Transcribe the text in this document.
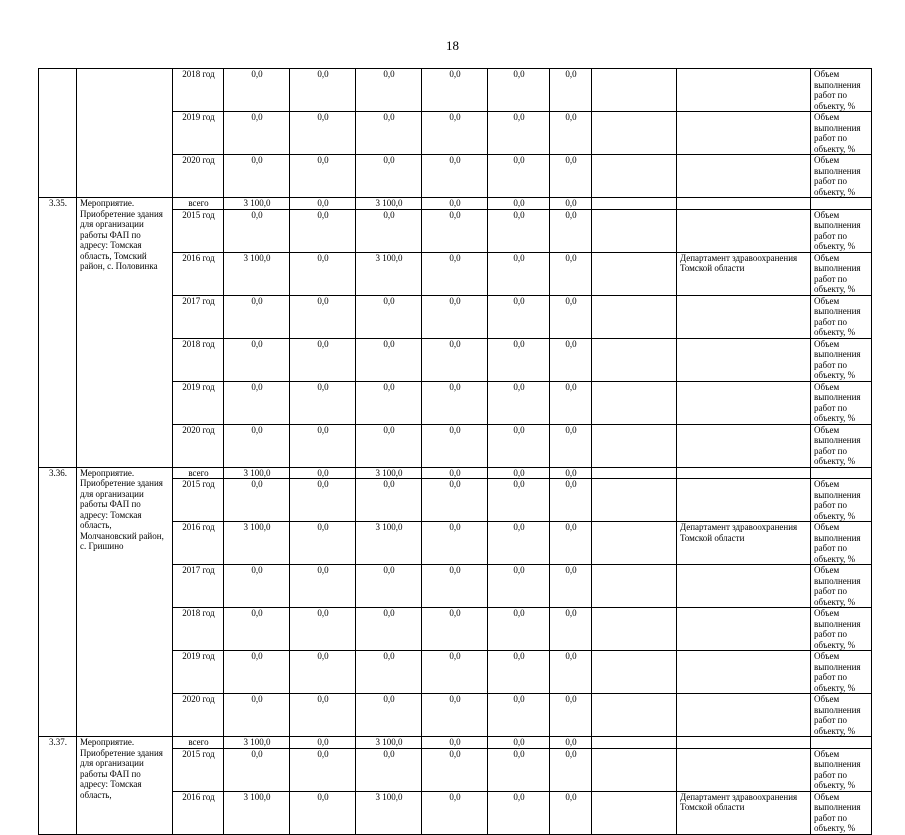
18
		2018 год	0,0	0,0	0,0	0,0	0,0	0,0			Объем выполнения работ по объекту, %	
		2019 год	0,0	0,0	0,0	0,0	0,0	0,0			Объем выполнения работ по объекту, %	
		2020 год	0,0	0,0	0,0	0,0	0,0	0,0			Объем выполнения работ по объекту, %	
3.35.	Мероприятие. Приобретение здания для организации работы ФАП по адресу: Томская область, Томский район, с. Половинка	всего	3 100,0	0,0	3 100,0	0,0	0,0	0,0				
		2015 год	0,0	0,0	0,0	0,0	0,0	0,0			Объем выполнения работ по объекту, %	
		2016 год	3 100,0	0,0	3 100,0	0,0	0,0	0,0		Департамент здравоохранения Томской области	Объем выполнения работ по объекту, %	
		2017 год	0,0	0,0	0,0	0,0	0,0	0,0			Объем выполнения работ по объекту, %	
		2018 год	0,0	0,0	0,0	0,0	0,0	0,0			Объем выполнения работ по объекту, %	
		2019 год	0,0	0,0	0,0	0,0	0,0	0,0			Объем выполнения работ по объекту, %	
		2020 год	0,0	0,0	0,0	0,0	0,0	0,0			Объем выполнения работ по объекту, %	
3.36.	Мероприятие. Приобретение здания для организации работы ФАП по адресу: Томская область, Молчановский район, с. Гришино	всего	3 100,0	0,0	3 100,0	0,0	0,0	0,0				
		2015 год	0,0	0,0	0,0	0,0	0,0	0,0			Объем выполнения работ по объекту, %	
		2016 год	3 100,0	0,0	3 100,0	0,0	0,0	0,0		Департамент здравоохранения Томской области	Объем выполнения работ по объекту, %	
		2017 год	0,0	0,0	0,0	0,0	0,0	0,0			Объем выполнения работ по объекту, %	
		2018 год	0,0	0,0	0,0	0,0	0,0	0,0			Объем выполнения работ по объекту, %	
		2019 год	0,0	0,0	0,0	0,0	0,0	0,0			Объем выполнения работ по объекту, %	
		2020 год	0,0	0,0	0,0	0,0	0,0	0,0			Объем выполнения работ по объекту, %	
3.37.	Мероприятие. Приобретение здания для организации работы ФАП по адресу: Томская область,	всего	3 100,0	0,0	3 100,0	0,0	0,0	0,0				
		2015 год	0,0	0,0	0,0	0,0	0,0	0,0			Объем выполнения работ по объекту, %	
		2016 год	3 100,0	0,0	3 100,0	0,0	0,0	0,0		Департамент здравоохранения Томской области	Объем выполнения работ по объекту, %	
